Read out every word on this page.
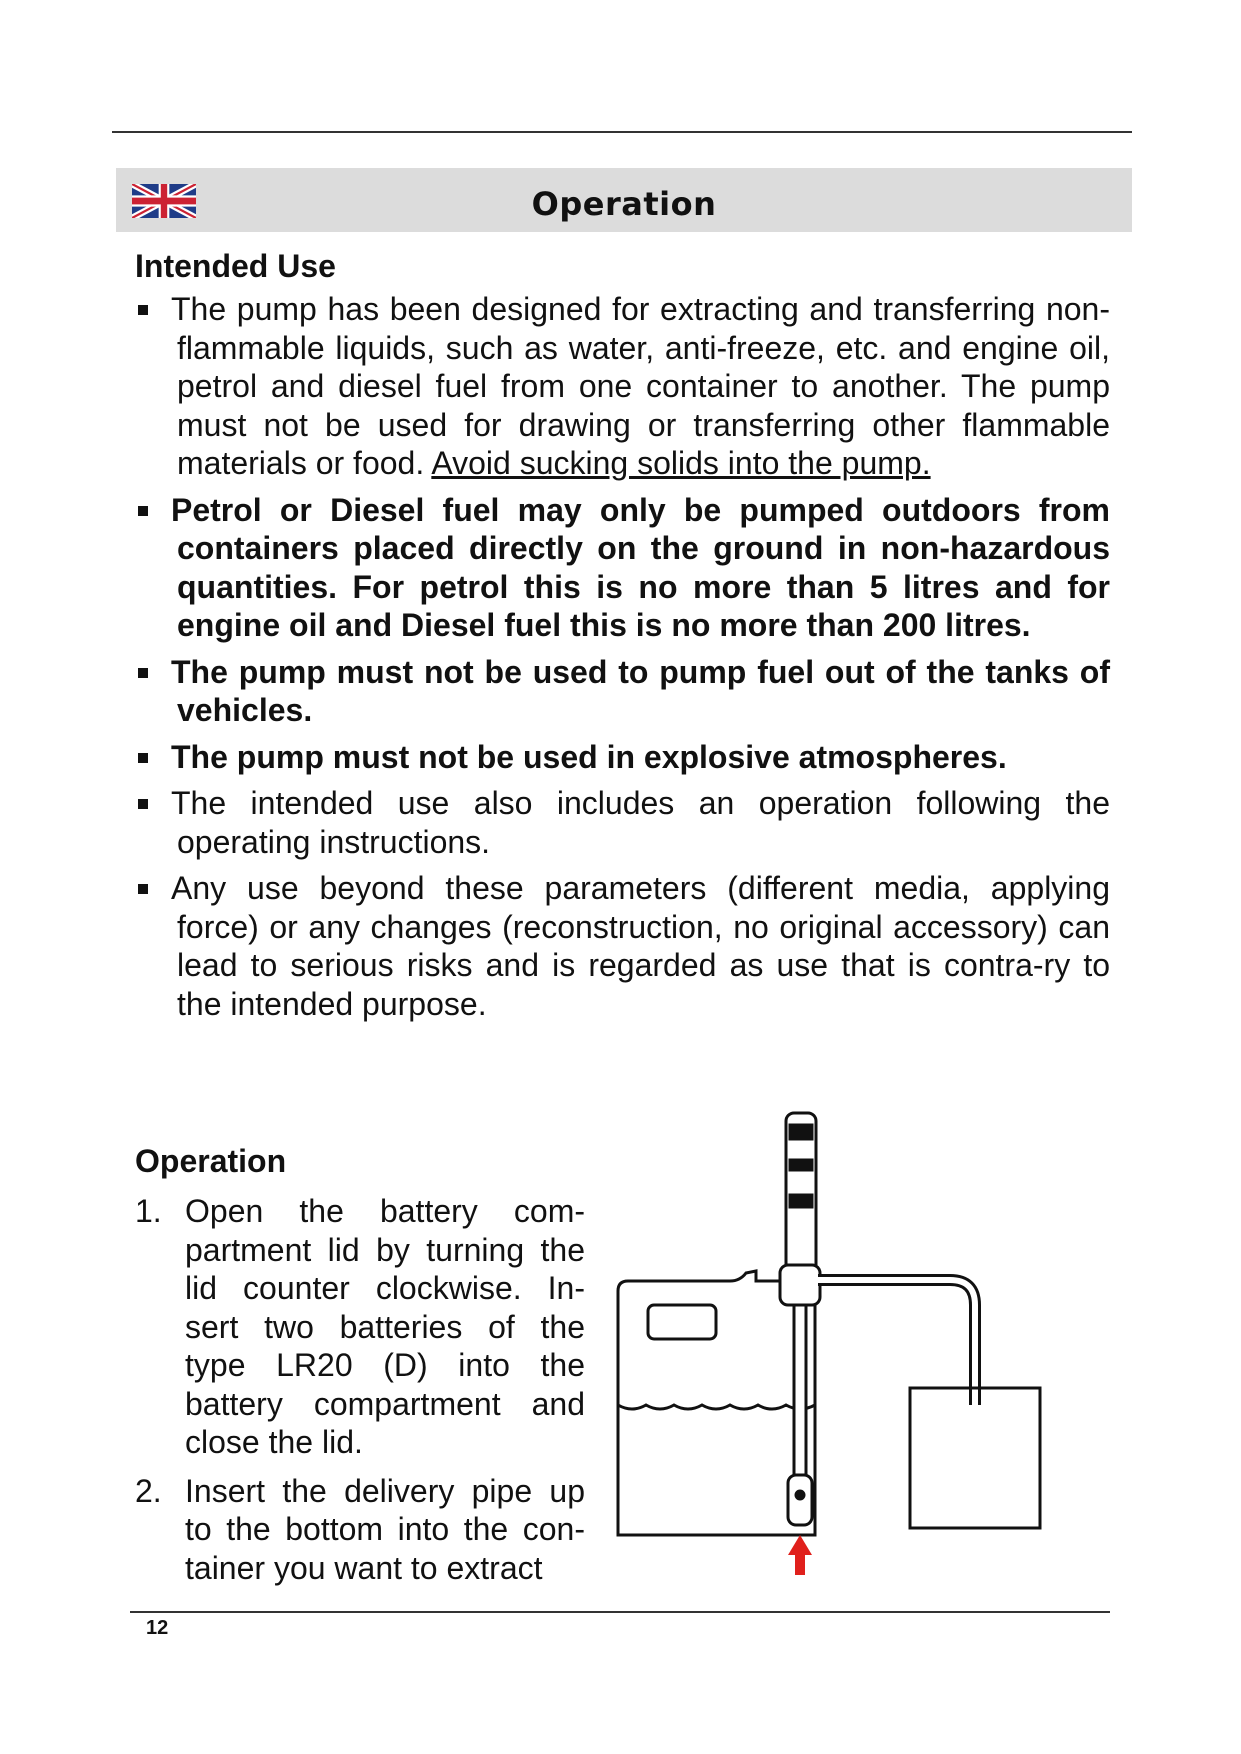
Operation
Intended Use
The pump has been designed for extracting and transferring non-flammable liquids, such as water, anti-freeze, etc. and engine oil, petrol and diesel fuel from one container to another. The pump must not be used for drawing or transferring other flammable materials or food. Avoid sucking solids into the pump.
Petrol or Diesel fuel may only be pumped outdoors from containers placed directly on the ground in non-hazardous quantities. For petrol this is no more than 5 litres and for engine oil and Diesel fuel this is no more than 200 litres.
The pump must not be used to pump fuel out of the tanks of vehicles.
The pump must not be used in explosive atmospheres.
The intended use also includes an operation following the operating instructions.
Any use beyond these parameters (different media, applying force) or any changes (reconstruction, no original accessory) can lead to serious risks and is regarded as use that is contra-ry to the intended purpose.
Operation
1. Open the battery com-partment lid by turning the lid counter clockwise. In-sert two batteries of the type LR20 (D) into the battery compartment and close the lid.
2. Insert the delivery pipe up to the bottom into the con-tainer you want to extract
12
